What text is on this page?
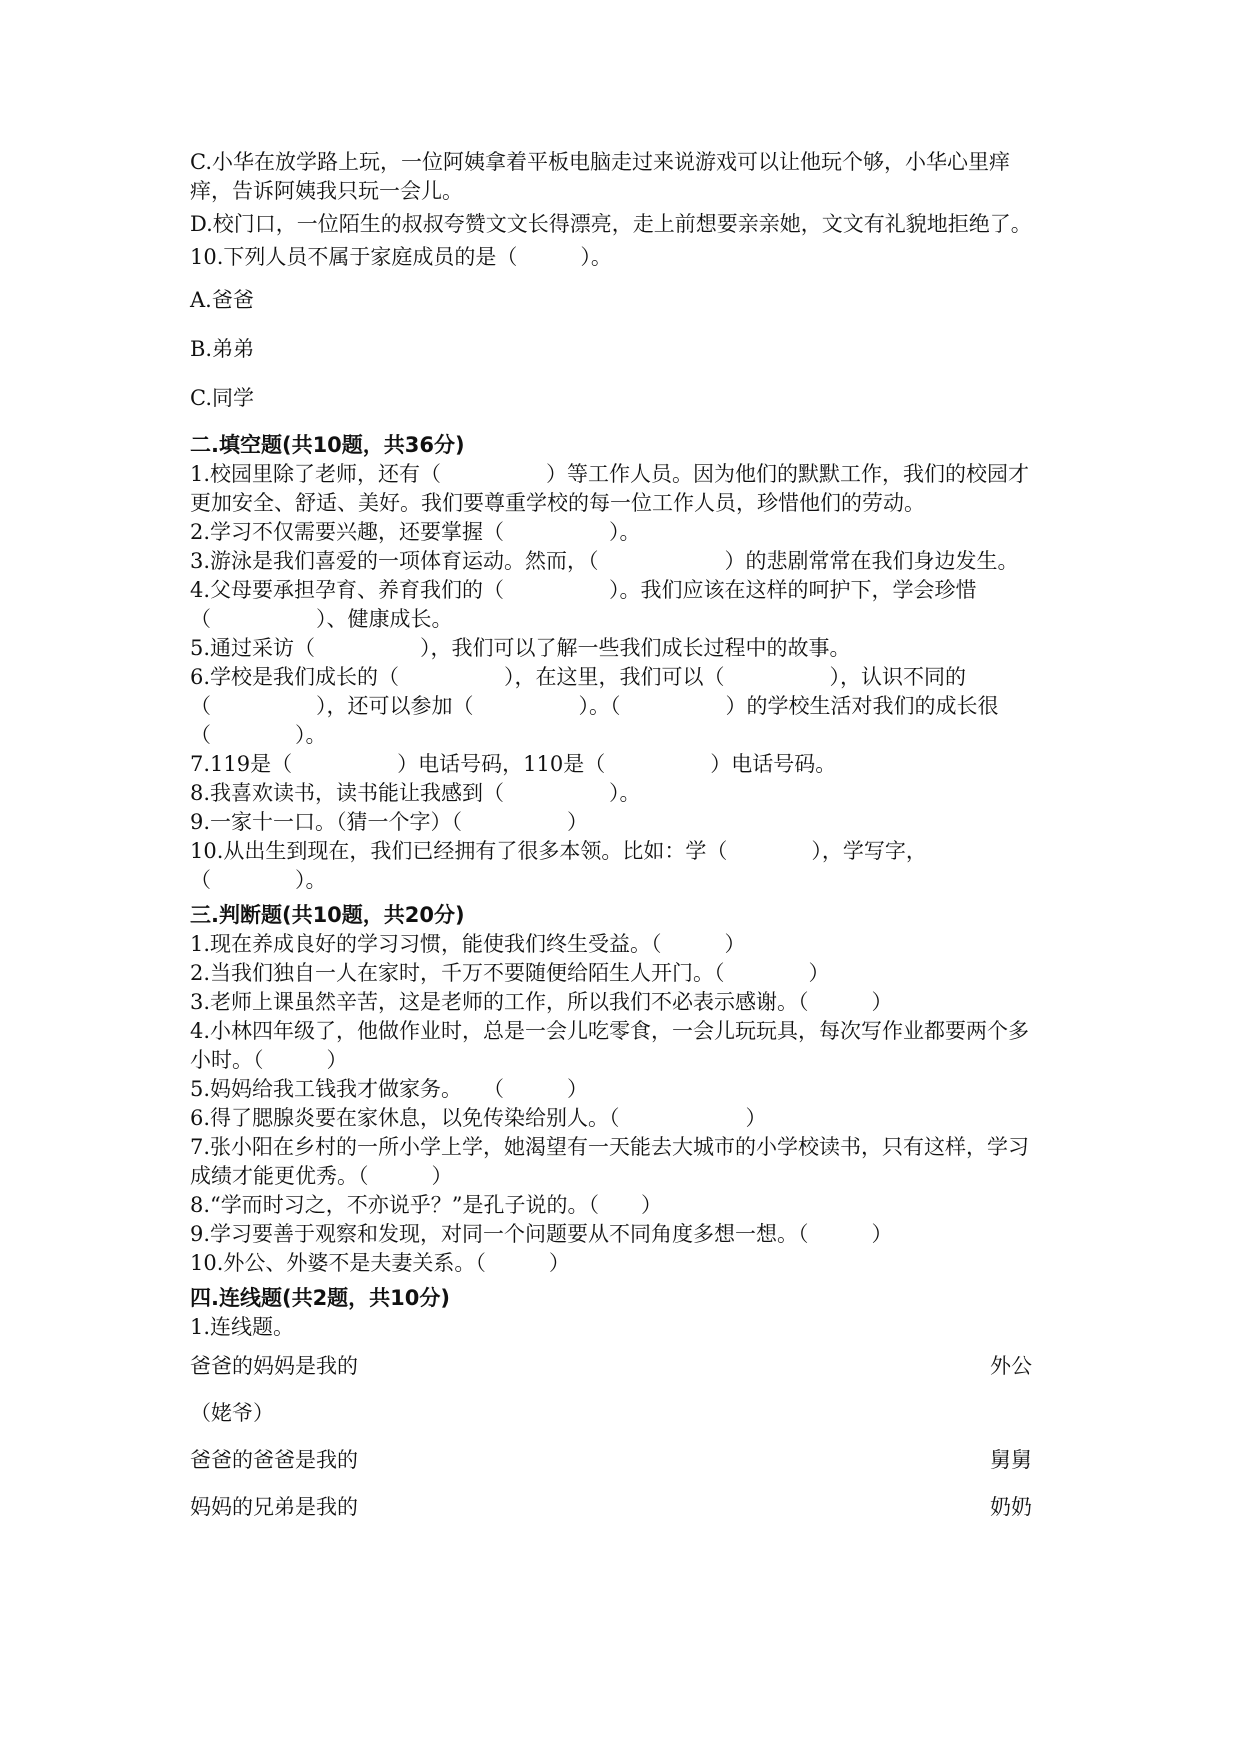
C.小华在放学路上玩，一位阿姨拿着平板电脑走过来说游戏可以让他玩个够，小华心里痒痒，告诉阿姨我只玩一会儿。
D.校门口，一位陌生的叔叔夸赞文文长得漂亮，走上前想要亲亲她，文文有礼貌地拒绝了。
10.下列人员不属于家庭成员的是（　　　）。
A.爸爸
B.弟弟
C.同学
二.填空题(共10题，共36分)
1.校园里除了老师，还有（　　　　　）等工作人员。因为他们的默默工作，我们的校园才更加安全、舒适、美好。我们要尊重学校的每一位工作人员，珍惜他们的劳动。
2.学习不仅需要兴趣，还要掌握（　　　　　）。
3.游泳是我们喜爱的一项体育运动。然而，（　　　　　　）的悲剧常常在我们身边发生。
4.父母要承担孕育、养育我们的（　　　　　）。我们应该在这样的呵护下，学会珍惜（　　　　　）、健康成长。
5.通过采访（　　　　　），我们可以了解一些我们成长过程中的故事。
6.学校是我们成长的（　　　　　），在这里，我们可以（　　　　　），认识不同的（　　　　　），还可以参加（　　　　　）。（　　　　　）的学校生活对我们的成长很（　　　　）。
7.119是（　　　　　）电话号码，110是（　　　　　）电话号码。
8.我喜欢读书，读书能让我感到（　　　　　）。
9.一家十一口。（猜一个字）（　　　　　）
10.从出生到现在，我们已经拥有了很多本领。比如：学（　　　　），学写字，（　　　　）。
三.判断题(共10题，共20分)
1.现在养成良好的学习习惯，能使我们终生受益。（　　　）
2.当我们独自一人在家时，千万不要随便给陌生人开门。（　　　　）
3.老师上课虽然辛苦，这是老师的工作，所以我们不必表示感谢。（　　　）
4.小林四年级了，他做作业时，总是一会儿吃零食，一会儿玩玩具，每次写作业都要两个多小时。（　　　）
5.妈妈给我工钱我才做家务。　　（　　　）
6.得了腮腺炎要在家休息，以免传染给别人。（　　　　　　）
7.张小阳在乡村的一所小学上学，她渴望有一天能去大城市的小学校读书，只有这样，学习成绩才能更优秀。（　　　）
8.“学而时习之，不亦说乎？”是孔子说的。（　　）
9.学习要善于观察和发现，对同一个问题要从不同角度多想一想。（　　　）
10.外公、外婆不是夫妻关系。（　　　）
四.连线题(共2题，共10分)
1.连线题。
爸爸的妈妈是我的	外公
（姥爷）
爸爸的爸爸是我的	舅舅
妈妈的兄弟是我的	奶奶
